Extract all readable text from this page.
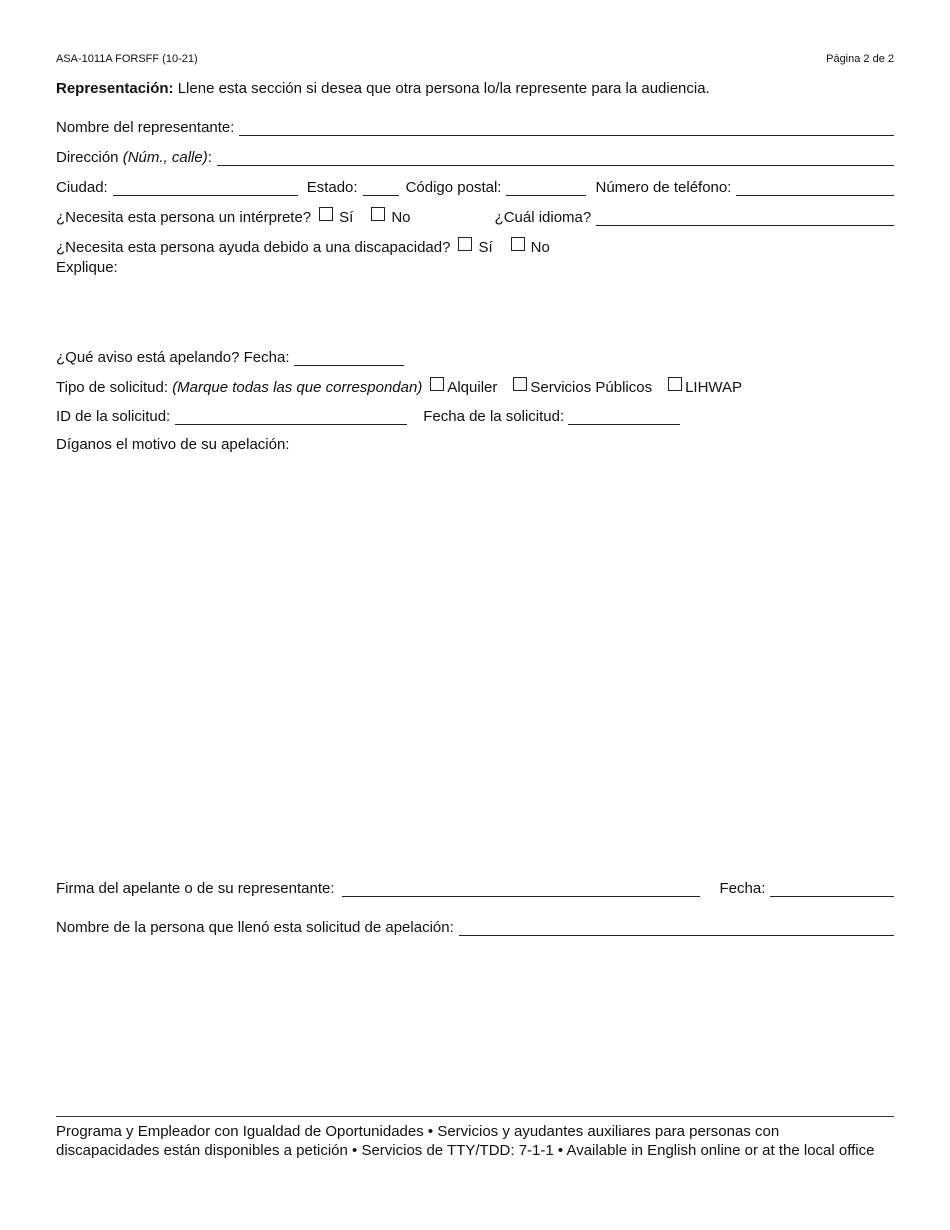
ASA-1011A FORSFF (10-21)	Página 2 de 2
Representación: Llene esta sección si desea que otra persona lo/la represente para la audiencia.
Nombre del representante:
Dirección
(Núm., calle) :
Ciudad:	Estado:	Código postal:	Número de teléfono:
¿Necesita esta persona un intérprete? Sí	No	¿Cuál idioma?
¿Necesita esta persona ayuda debido a una discapacidad? Sí	No
Explique:
¿Qué aviso está apelando? Fecha:
Tipo de solicitud:
(Marque todas las que correspondan) Alquiler Servicios Públicos LIHWAP
ID de la solicitud:	Fecha de la solicitud:
Díganos el motivo de su apelación:
Firma del apelante o de su representante:	Fecha:
Nombre de la persona que llenó esta solicitud de apelación:
Programa y Empleador con Igualdad de Oportunidades • Servicios y ayudantes auxiliares para personas con discapacidades están disponibles a petición • Servicios de TTY/TDD: 7-1-1 • Available in English online or at the local office
